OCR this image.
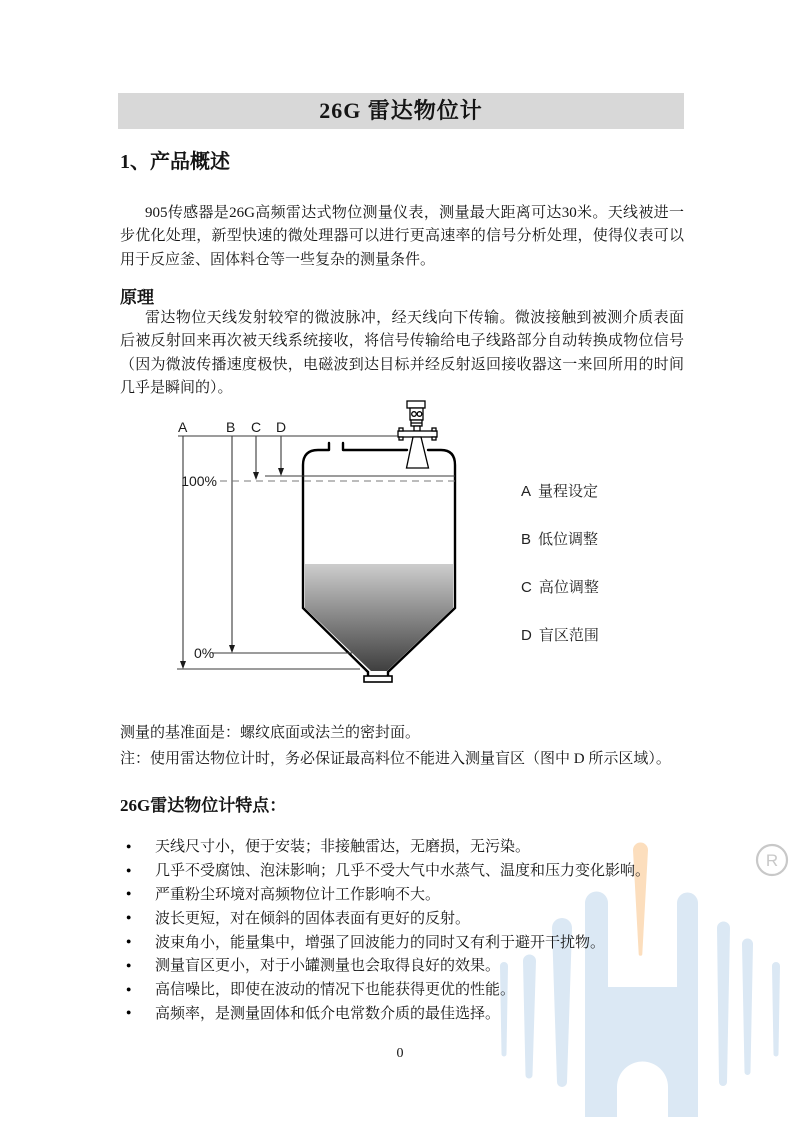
R
26G 雷达物位计
1、产品概述
905传感器是26G高频雷达式物位测量仪表，测量最大距离可达30米。天线被进一步优化处理，新型快速的微处理器可以进行更高速率的信号分析处理，使得仪表可以用于反应釜、固体料仓等一些复杂的测量条件。
原理
雷达物位天线发射较窄的微波脉冲，经天线向下传输。微波接触到被测介质表面后被反射回来再次被天线系统接收，将信号传输给电子线路部分自动转换成物位信号（因为微波传播速度极快，电磁波到达目标并经反射返回接收器这一来回所用的时间几乎是瞬间的）。
A	B C D
100%
0%
A 量程设定
B 低位调整
C 高位调整
D 盲区范围
测量的基准面是：螺纹底面或法兰的密封面。
注：使用雷达物位计时，务必保证最高料位不能进入测量盲区（图中 D 所示区域）。
26G雷达物位计特点：
●	天线尺寸小，便于安装；非接触雷达，无磨损，无污染。
●	几乎不受腐蚀、泡沫影响；几乎不受大气中水蒸气、温度和压力变化影响。
●	严重粉尘环境对高频物位计工作影响不大。
●	波长更短，对在倾斜的固体表面有更好的反射。
●	波束角小，能量集中，增强了回波能力的同时又有利于避开干扰物。
●	测量盲区更小，对于小罐测量也会取得良好的效果。
●	高信噪比，即使在波动的情况下也能获得更优的性能。
●	高频率，是测量固体和低介电常数介质的最佳选择。
0
